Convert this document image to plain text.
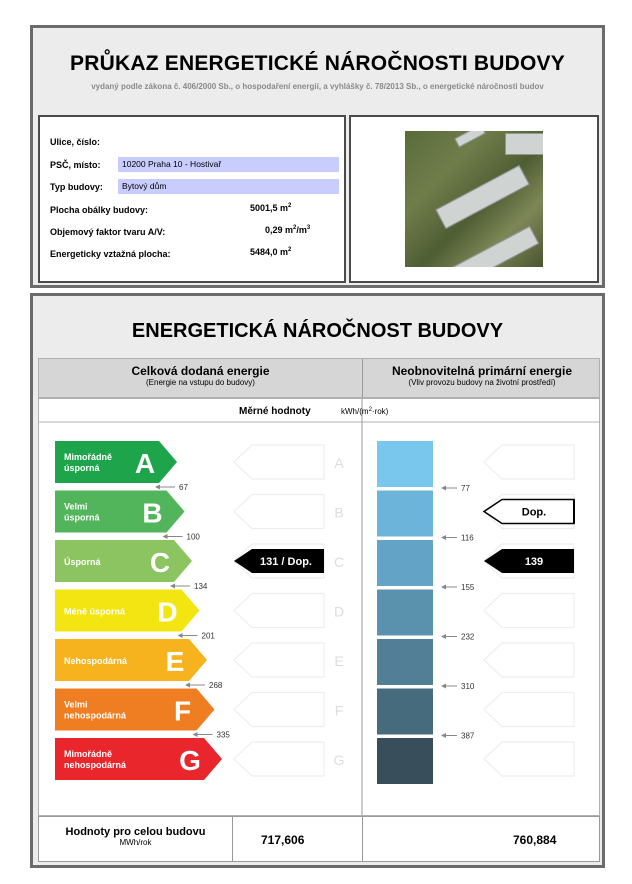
PRŮKAZ ENERGETICKÉ NÁROČNOSTI BUDOVY
vydaný podle zákona č. 406/2000 Sb., o hospodaření energií, a vyhlášky č. 78/2013 Sb., o energetické náročnosti budov
Ulice, číslo:
PSČ, místo:	10200 Praha 10 - Hostivař
Typ budovy:	Bytový dům
Plocha obálky budovy:	5001,5 $m^2$
Objemový faktor tvaru A/V:	0,29 $m^2/m^3$
Energeticky vztažná plocha:	5484,0 $m^2$
ENERGETICKÁ NÁROČNOST BUDOVY
Celková dodaná energie
(Energie na vstupu do budovy)
Neobnovitelná primární energie
(Vliv provozu budovy na životní prostředí)
Měrné hodnoty	kWh/$(m^2\cdot rok)$
A
Mimořádně
úsporná
67
A
77
B
Velmi
úsporná
100
B
116
C
Úsporná
134
C
155
D
Méně úsporná
201
D
232
E
Nehospodárná
268
E
310
F
Velmi
nehospodárná
335
F
387
G
Mimořádně
nehospodárná	G
131 / Dop.
Dop.
139
Hodnoty pro celou budovu
MWh/rok	717,606	760,884
